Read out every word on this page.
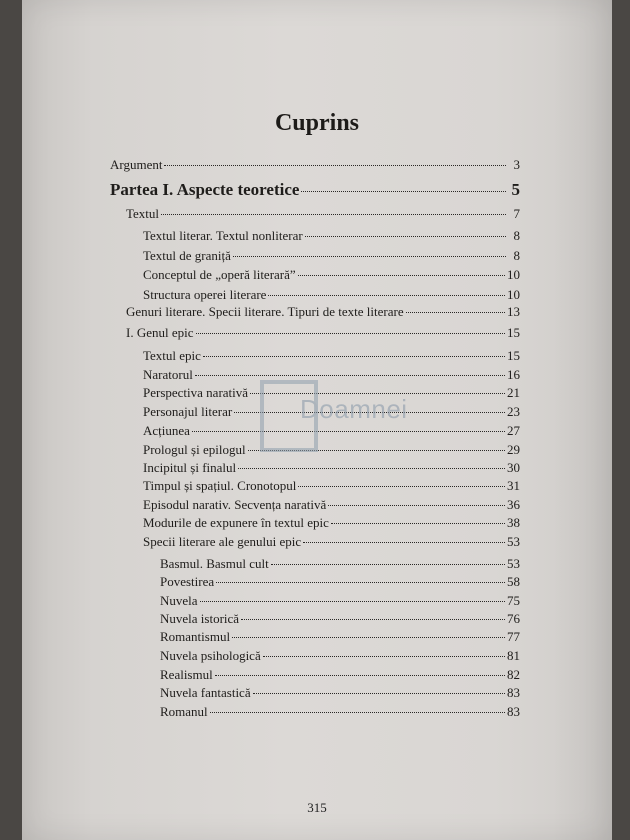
Cuprins
Argument	3
Partea I. Aspecte teoretice	5
Textul	7
Textul literar. Textul nonliterar	8
Textul de graniță	8
Conceptul de „operă literară”	10
Structura operei literare	10
Genuri literare. Specii literare. Tipuri de texte literare	13
I. Genul epic	15
Textul epic	15
Naratorul	16
Perspectiva narativă	21
Personajul literar	23
Acțiunea	27
Prologul și epilogul	29
Incipitul și finalul	30
Timpul și spațiul. Cronotopul	31
Episodul narativ. Secvența narativă	36
Modurile de expunere în textul epic	38
Specii literare ale genului epic	53
Basmul. Basmul cult	53
Povestirea	58
Nuvela	75
Nuvela istorică	76
Romantismul	77
Nuvela psihologică	81
Realismul	82
Nuvela fantastică	83
Romanul	83
Doamnei
315
